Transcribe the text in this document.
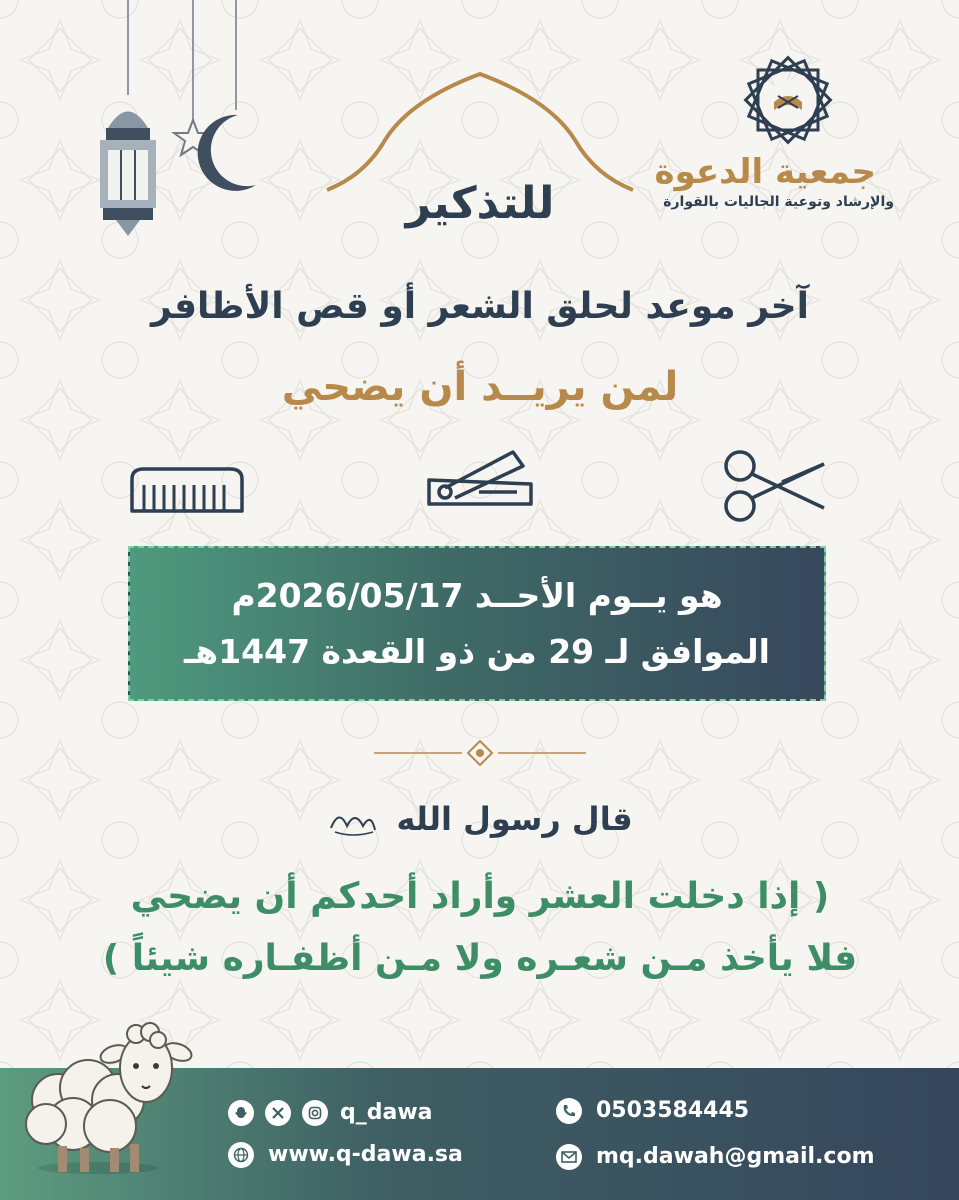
جمعية الدعوة
والإرشاد وتوعية الجاليات بالقوارة
للتذكير
آخر موعد لحلق الشعر أو قص الأظافر
لمن يريــد أن يضحي
هو يــوم الأحــد 2026/05/17م
الموافق لـ 29 من ذو القعدة 1447هـ
قال رسول الله
( إذا دخلت العشر وأراد أحدكم أن يضحي
فلا يأخذ مـن شعـره ولا مـن أظفـاره شيئاً )
0503584445
mq.dawah@gmail.com
q_dawa
www.q-dawa.sa
